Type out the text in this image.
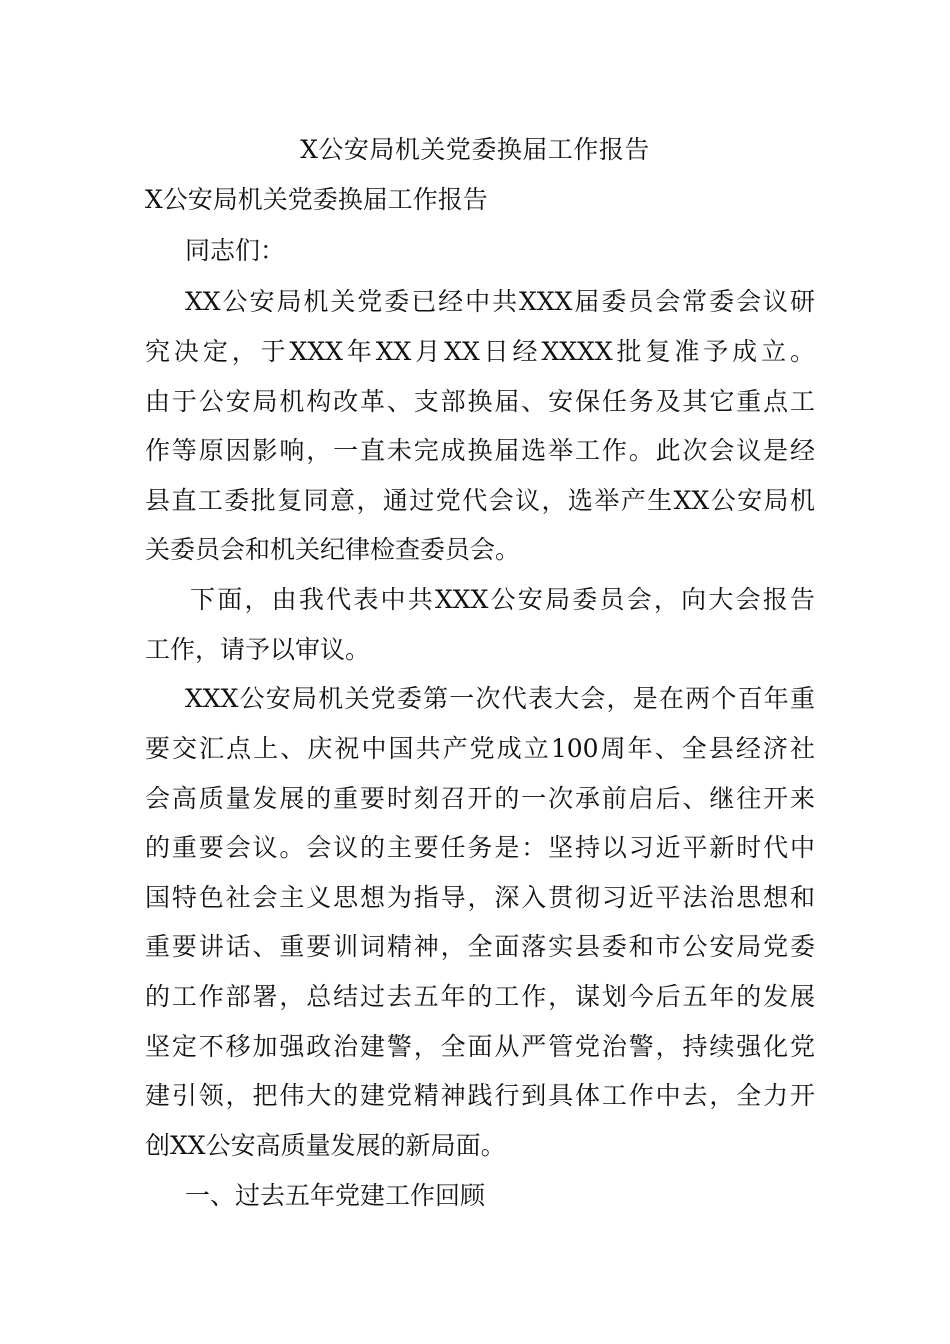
X公安局机关党委换届工作报告
X公安局机关党委换届工作报告
同志们：
XX公安局机关党委已经中共XXX届委员会常委会议研
究决定，于XXX年XX月XX日经XXXX批复准予成立。
由于公安局机构改革、支部换届、安保任务及其它重点工
作等原因影响，一直未完成换届选举工作。此次会议是经
县直工委批复同意，通过党代会议，选举产生XX公安局机
关委员会和机关纪律检查委员会。
下面，由我代表中共XXX公安局委员会，向大会报告
工作，请予以审议。
XXX公安局机关党委第一次代表大会，是在两个百年重
要交汇点上、庆祝中国共产党成立100周年、全县经济社
会高质量发展的重要时刻召开的一次承前启后、继往开来
的重要会议。会议的主要任务是：坚持以习近平新时代中
国特色社会主义思想为指导，深入贯彻习近平法治思想和
重要讲话、重要训词精神，全面落实县委和市公安局党委
的工作部署，总结过去五年的工作，谋划今后五年的发展
坚定不移加强政治建警，全面从严管党治警，持续强化党
建引领，把伟大的建党精神践行到具体工作中去，全力开
创XX公安高质量发展的新局面。
一、过去五年党建工作回顾
